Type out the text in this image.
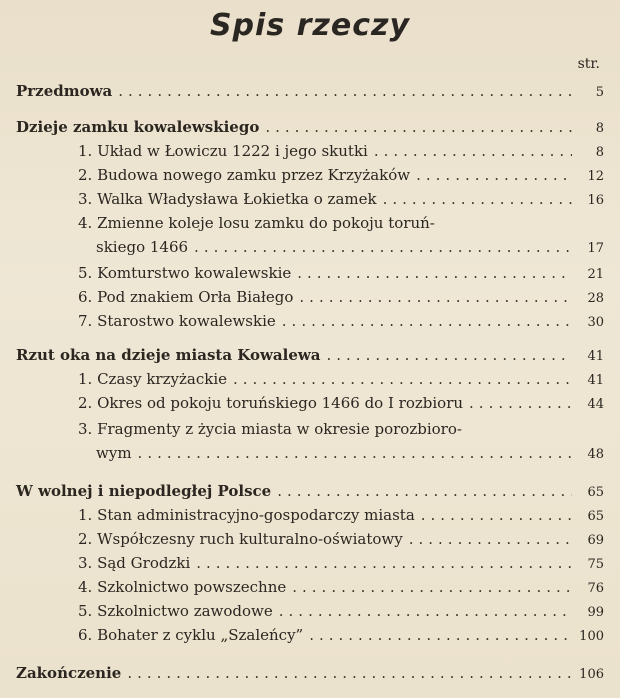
Spis rzeczy
str.
Przedmowa .....	5
Dzieje zamku kowalewskiego .....	8
1. Układ w Łowiczu 1222 i jego skutki .....	8
2. Budowa nowego zamku przez Krzyżaków .....	12
3. Walka Władysława Łokietka o zamek .....	16
4. Zmienne koleje losu zamku do pokoju toruń-
skiego 1466 .....	17
5. Komturstwo kowalewskie .....	21
6. Pod znakiem Orła Białego .....	28
7. Starostwo kowalewskie .....	30
Rzut oka na dzieje miasta Kowalewa .....	41
1. Czasy krzyżackie .....	41
2. Okres od pokoju toruńskiego 1466 do I rozbioru .....	44
3. Fragmenty z życia miasta w okresie porozbioro-
wym .....	48
W wolnej i niepodległej Polsce .....	65
1. Stan administracyjno-gospodarczy miasta .....	65
2. Współczesny ruch kulturalno-oświatowy .....	69
3. Sąd Grodzki .....	75
4. Szkolnictwo powszechne .....	76
5. Szkolnictwo zawodowe .....	99
6. Bohater z cyklu „Szaleńcy” .....	100
Zakończenie .....	106
